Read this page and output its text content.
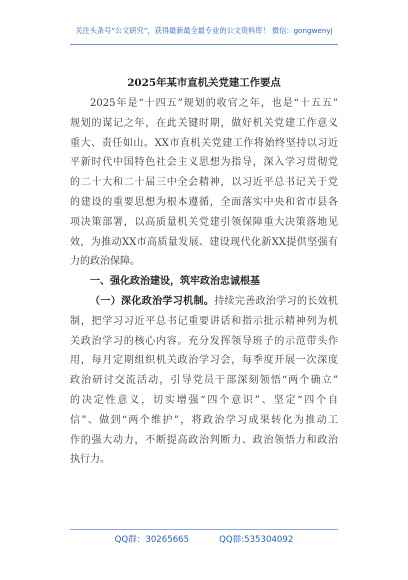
关注头条号“公文研究”，获得最新最全最专业的公文资料库！ 微信：gongwenyj
2025年某市直机关党建工作要点
2025年是“十四五”规划的收官之年，也是“十五五”
规划的谋记之年，在此关键时期，做好机关党建工作意义
重大、责任如山。XX市直机关党建工作将始终坚持以习近
平新时代中国特色社会主义思想为指导，深入学习贯彻党
的二十大和二十届三中全会精神，以习近平总书记关于党
的建设的重要思想为根本遵循，全面落实中央和省市县各
项决策部署，以高质量机关党建引领保障重大决策落地见
效，为推动XX市高质量发展、建设现代化新XX提供坚强有
力的政治保障。
一、强化政治建设，筑牢政治忠诚根基
（一）深化政治学习机制。持续完善政治学习的长效机
制，把学习习近平总书记重要讲话和指示批示精神列为机
关政治学习的核心内容。充分发挥领导班子的示范带头作
用，每月定期组织机关政治学习会，每季度开展一次深度
政治研讨交流活动，引导党员干部深刻领悟“两个确立”
的决定性意义，切实增强“四个意识”、坚定“四个自
信”、做到“两个维护”，将政治学习成果转化为推动工
作的强大动力，不断提高政治判断力、政治领悟力和政治
执行力。
QQ群：30265665	QQ群:535304092
